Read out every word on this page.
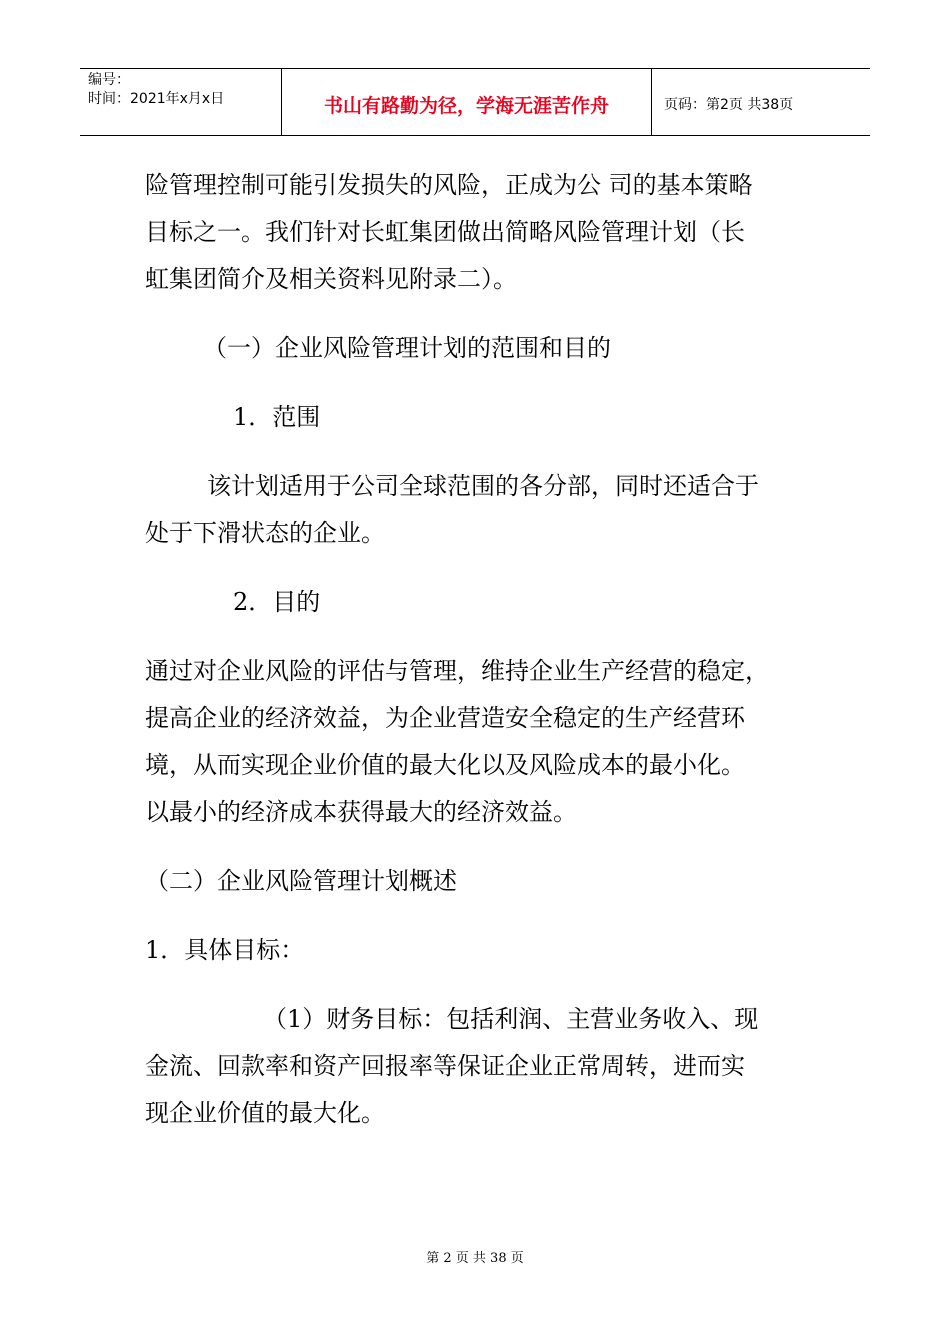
编号：
时间：2021年x月x日	书山有路勤为径，学海无涯苦作舟	页码：第2页 共38页

险管理控制可能引发损失的风险，正成为公 司的基本策略

目标之一。我们针对长虹集团做出简略风险管理计划（长

虹集团简介及相关资料见附录二）。

（一）企业风险管理计划的范围和目的

1．范围

该计划适用于公司全球范围的各分部，同时还适合于

处于下滑状态的企业。

2．目的

通过对企业风险的评估与管理，维持企业生产经营的稳定，

提高企业的经济效益，为企业营造安全稳定的生产经营环

境，从而实现企业价值的最大化以及风险成本的最小化。

以最小的经济成本获得最大的经济效益。

（二）企业风险管理计划概述

1．具体目标：

（1）财务目标：包括利润、主营业务收入、现

金流、回款率和资产回报率等保证企业正常周转，进而实

现企业价值的最大化。

第 2 页 共 38 页
